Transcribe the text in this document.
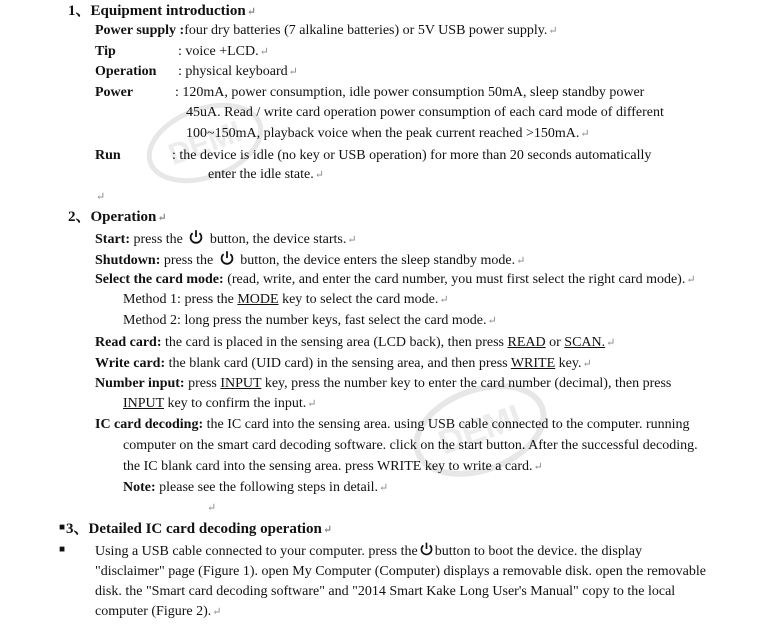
DEMI
DEMI
1、Equipment introduction↵
Power supply :four dry batteries (7 alkaline batteries) or 5V USB power supply.↵
Tip	: voice +LCD.↵
Operation : physical keyboard↵
Power	: 120mA, power consumption, idle power consumption 50mA, sleep standby power
45uA. Read / write card operation power consumption of each card mode of different
100~150mA, playback voice when the peak current reached >150mA.↵
Run	: the device is idle (no key or USB operation) for more than 20 seconds automatically
enter the idle state.↵
↵
2、Operation↵
Start: press the button, the device starts.↵
Shutdown: press the button, the device enters the sleep standby mode.↵
Select the card mode: (read, write, and enter the card number, you must first select the right card mode).↵
Method 1: press the MODE key to select the card mode.↵
Method 2: long press the number keys, fast select the card mode.↵
Read card: the card is placed in the sensing area (LCD back), then press READ or SCAN.↵
Write card: the blank card (UID card) in the sensing area, and then press WRITE key.↵
Number input: press INPUT key, press the number key to enter the card number (decimal), then press
INPUT key to confirm the input.↵
IC card decoding: the IC card into the sensing area. using USB cable connected to the computer. running
computer on the smart card decoding software. click on the start button. After the successful decoding.
the IC blank card into the sensing area. press WRITE key to write a card.↵
Note: please see the following steps in detail.↵
↵
■ 3、Detailed IC card decoding operation↵
■ Using a USB cable connected to your computer. press the button to boot the device. the display
"disclaimer" page (Figure 1). open My Computer (Computer) displays a removable disk. open the removable
disk. the "Smart card decoding software" and "2014 Smart Kake Long User's Manual" copy to the local
computer (Figure 2).↵
